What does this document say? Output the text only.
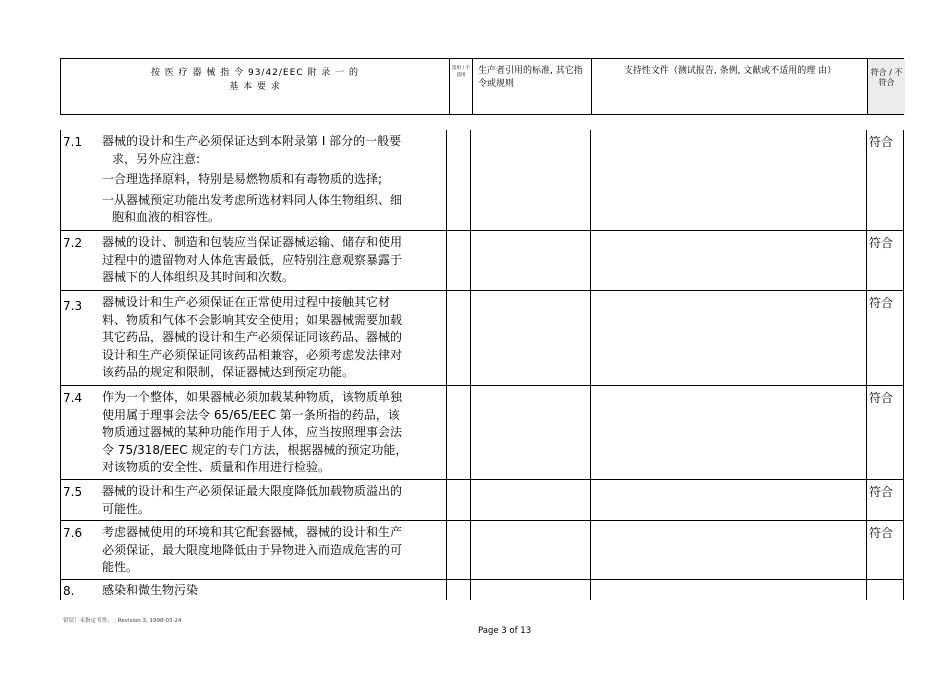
按 医 疗 器 械 指 令 93/42/EEC 附 录 一 的
基 本 要 求
适用 / 不 适用	生产者引用的标准, 其它指令或规则
支持性文件（测试报告, 条例, 文献或不适用的理 由）	符合 / 不符合
7.1 器械的设计和生产必须保证达到本附录第 I 部分的一般要
求，另外应注意:
一合理选择原料，特别是易燃物质和有毒物质的选择;
一从器械预定功能出发考虑所选材料同人体生物组织、细
胞和血液的相容性。
符合
7.2 器械的设计、制造和包装应当保证器械运输、储存和使用
过程中的遗留物对人体危害最低，应特别注意观察暴露于
器械下的人体组织及其时间和次数。
符合
7.3 器械设计和生产必须保证在正常使用过程中接触其它材
料、物质和气体不会影响其安全使用；如果器械需要加载
其它药品，器械的设计和生产必须保证同该药品、器械的
设计和生产必须保证同该药品相兼容，必须考虑发法律对
该药品的规定和限制，保证器械达到预定功能。
符合
7.4 作为一个整体，如果器械必须加载某种物质，该物质单独
使用属于理事会法令 65/65/EEC 第一条所指的药品，该
物质通过器械的某种功能作用于人体，应当按照理事会法
令 75/318/EEC 规定的专门方法，根据器械的预定功能，
对该物质的安全性、质量和作用进行检验。
符合
7.5 器械的设计和生产必须保证最大限度降低加载物质溢出的
可能性。
符合
7.6 考虑器械使用的环境和其它配套器械，器械的设计和生产
必须保证，最大限度地降低由于异物进入而造成危害的可
能性。
符合
8. 感染和微生物污染
错误！未指定书签。 , Revision 3, 1998-03-24
Page 3 of 13
